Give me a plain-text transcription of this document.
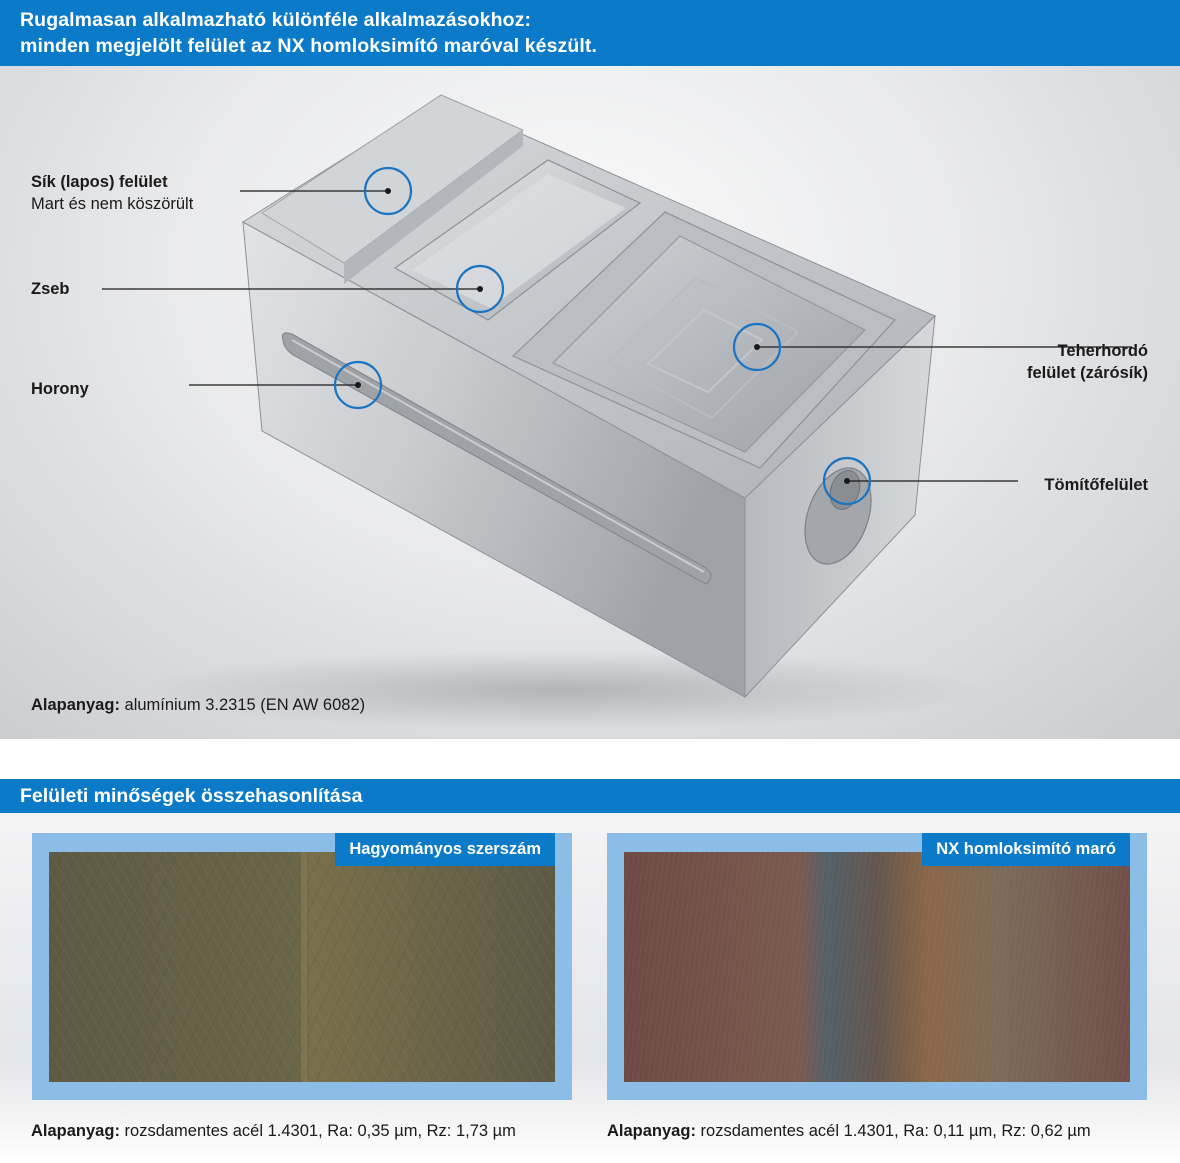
Rugalmasan alkalmazható különféle alkalmazásokhoz:
minden megjelölt felület az NX homloksimító maróval készült.
Sík (lapos) felület
Mart és nem köszörült
Zseb
Horony
Teherhordó
felület (zárósík)
Tömítőfelület
Alapanyag: alumínium 3.2315 (EN AW 6082)
Felületi minőségek összehasonlítása
Hagyományos szerszám	NX homloksimító maró
Alapanyag: rozsdamentes acél 1.4301, Ra: 0,35 µm, Rz: 1,73 µm	Alapanyag: rozsdamentes acél 1.4301, Ra: 0,11 µm, Rz: 0,62 µm
